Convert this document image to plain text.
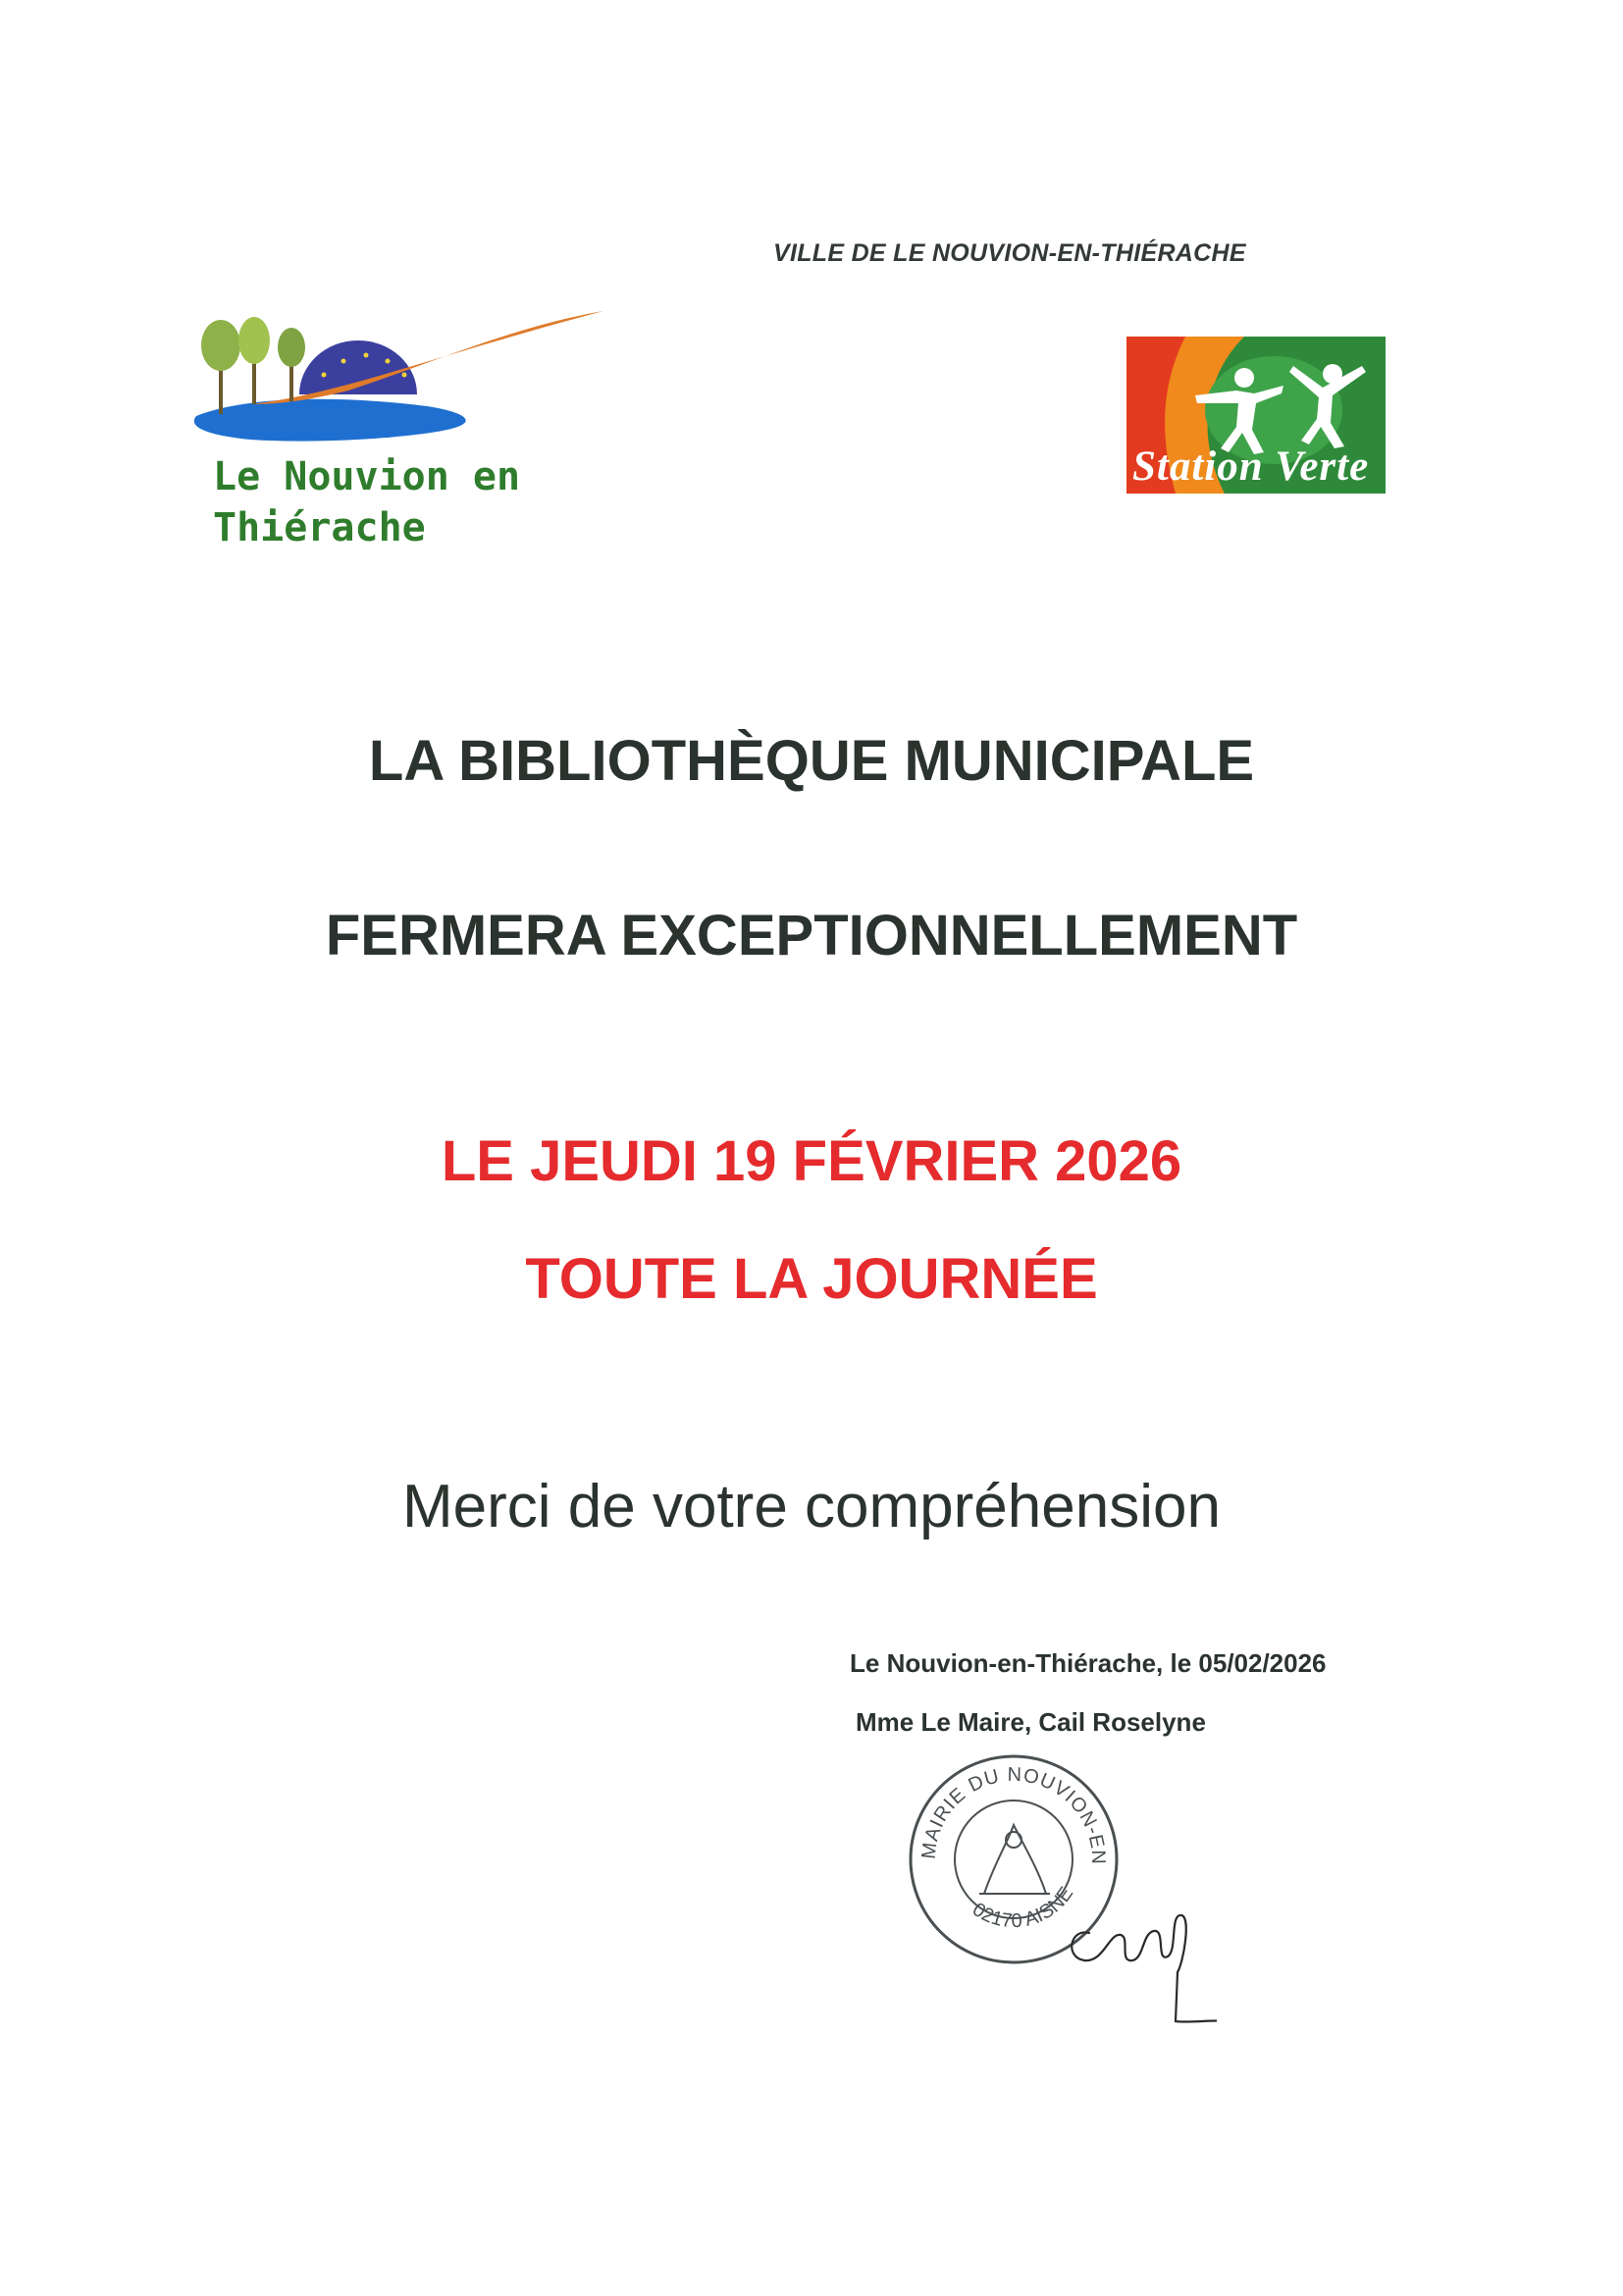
VILLE DE LE NOUVION-EN-THIÉRACHE
Le Nouvion en
Thiérache
Station Verte
LA BIBLIOTHÈQUE MUNICIPALE
FERMERA EXCEPTIONNELLEMENT
LE JEUDI 19 FÉVRIER 2026
TOUTE LA JOURNÉE
Merci de votre compréhension
Le Nouvion-en-Thiérache, le 05/02/2026
Mme Le Maire, Cail Roselyne
MAIRIE DU NOUVION-EN
02170 AISNE
